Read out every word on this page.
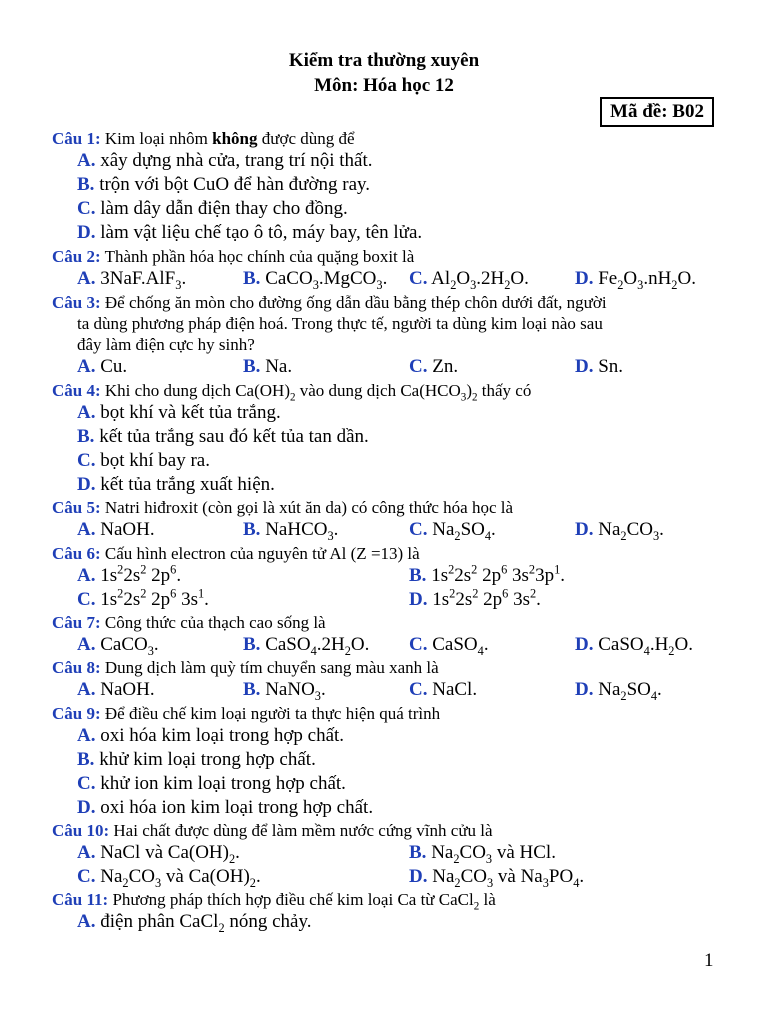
Kiểm tra thường xuyên
Môn: Hóa học 12
Mã đề: B02
Câu 1: Kim loại nhôm không được dùng để
A. xây dựng nhà cửa, trang trí nội thất.
B. trộn với bột CuO để hàn đường ray.
C. làm dây dẫn điện thay cho đồng.
D. làm vật liệu chế tạo ô tô, máy bay, tên lửa.
Câu 2: Thành phần hóa học chính của quặng boxit là
A. 3NaF.AlF$_3$.	B. CaCO$_3$.MgCO$_3$. C. $Al_2O_3.2H_2O$. D. $Fe_2O_3.nH_2O$.
Câu 3: Để chống ăn mòn cho đường ống dẫn dầu bằng thép chôn dưới đất, người
ta dùng phương pháp điện hoá. Trong thực tế, người ta dùng kim loại nào sau
đây làm điện cực hy sinh?
A. Cu.	B. Na.	C. Zn.	D. Sn.
Câu 4: Khi cho dung dịch $Ca(OH)_2$ vào dung dịch $Ca(HCO_3)_2$ thấy có
A. bọt khí và kết tủa trắng.
B. kết tủa trắng sau đó kết tủa tan dần.
C. bọt khí bay ra.
D. kết tủa trắng xuất hiện.
Câu 5: Natri hiđroxit (còn gọi là xút ăn da) có công thức hóa học là
A. NaOH.	B. NaHCO$_3$.	C. $Na_2SO_4$.	D. $Na_2CO_3$.
Câu 6: Cấu hình electron của nguyên tử Al (Z =13) là
A. $1s^22s^2$ $2p^6$.	B. $1s^22s^2$ $2p^6$ $3s^23p^1$.
C. $1s^22s^2$ $2p^6$ $3s^1$.	D. $1s^22s^2$ $2p^6$ $3s^2$.
Câu 7: Công thức của thạch cao sống là
A. CaCO$_3$.	B. $CaSO_4.2H_2O$. C. CaSO$_4$.	D. $CaSO_4.H_2O$.
Câu 8: Dung dịch làm quỳ tím chuyển sang màu xanh là
A. NaOH.	B. NaNO$_3$.	C. NaCl.	D. $Na_2SO_4$.
Câu 9: Để điều chế kim loại người ta thực hiện quá trình
A. oxi hóa kim loại trong hợp chất.
B. khử kim loại trong hợp chất.
C. khử ion kim loại trong hợp chất.
D. oxi hóa ion kim loại trong hợp chất.
Câu 10: Hai chất được dùng để làm mềm nước cứng vĩnh cửu là
A. NaCl và $Ca(OH)_2$.	B. $Na_2CO_3$ và HCl.
C. $Na_2CO_3$ và $Ca(OH)_2$.	D. $Na_2CO_3$ và $Na_3PO_4$.
Câu 11: Phương pháp thích hợp điều chế kim loại Ca từ CaCl$_2$ là
A. điện phân CaCl$_2$ nóng chảy.
1
